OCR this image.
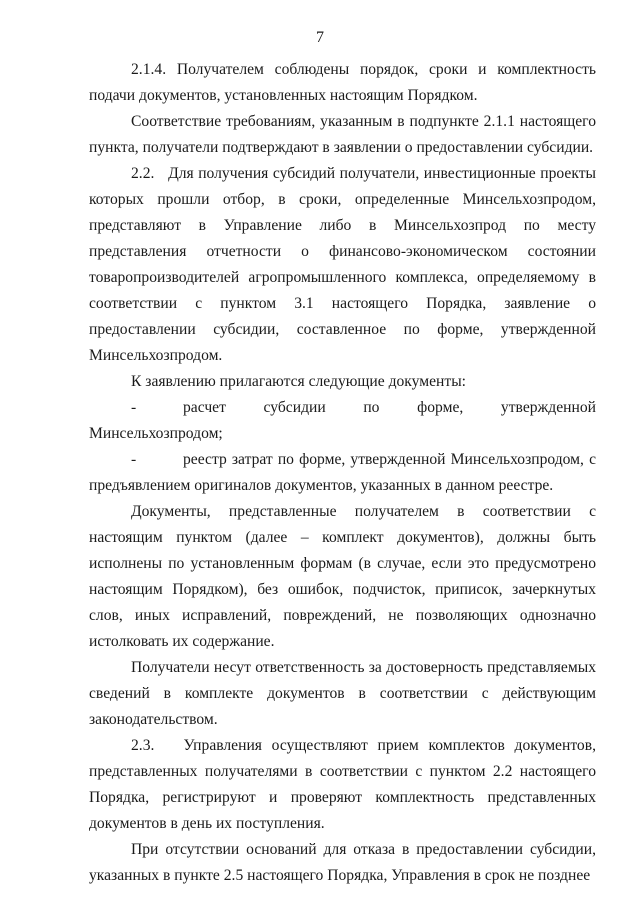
7

2.1.4. Получателем соблюдены порядок, сроки и комплектность подачи документов, установленных настоящим Порядком.

Соответствие требованиям, указанным в подпункте 2.1.1 настоящего пункта, получатели подтверждают в заявлении о предоставлении субсидии.

2.2.   Для получения субсидий получатели, инвестиционные проекты которых прошли отбор, в сроки, определенные Минсельхозпродом, представляют в Управление либо в Минсельхозпрод по месту представления отчетности о финансово-экономическом состоянии товаропроизводителей агропромышленного комплекса, определяемому в соответствии с пунктом 3.1 настоящего Порядка, заявление о предоставлении субсидии, составленное по форме, утвержденной Минсельхозпродом.

К заявлению прилагаются следующие документы:

-	расчет субсидии по форме, утвержденной Минсельхозпродом;

-	реестр затрат по форме, утвержденной Минсельхозпродом, с предъявлением оригиналов документов, указанных в данном реестре.

Документы, представленные получателем в соответствии с настоящим пунктом (далее – комплект документов), должны быть исполнены по установленным формам (в случае, если это предусмотрено настоящим Порядком), без ошибок, подчисток, приписок, зачеркнутых слов, иных исправлений, повреждений, не позволяющих однозначно истолковать их содержание.

Получатели несут ответственность за достоверность представляемых сведений в комплекте документов в соответствии с действующим законодательством.

2.3.   Управления осуществляют прием комплектов документов, представленных получателями в соответствии с пунктом 2.2 настоящего Порядка, регистрируют и проверяют комплектность представленных документов в день их поступления.

При отсутствии оснований для отказа в предоставлении субсидии, указанных в пункте 2.5 настоящего Порядка, Управления в срок не позднее
